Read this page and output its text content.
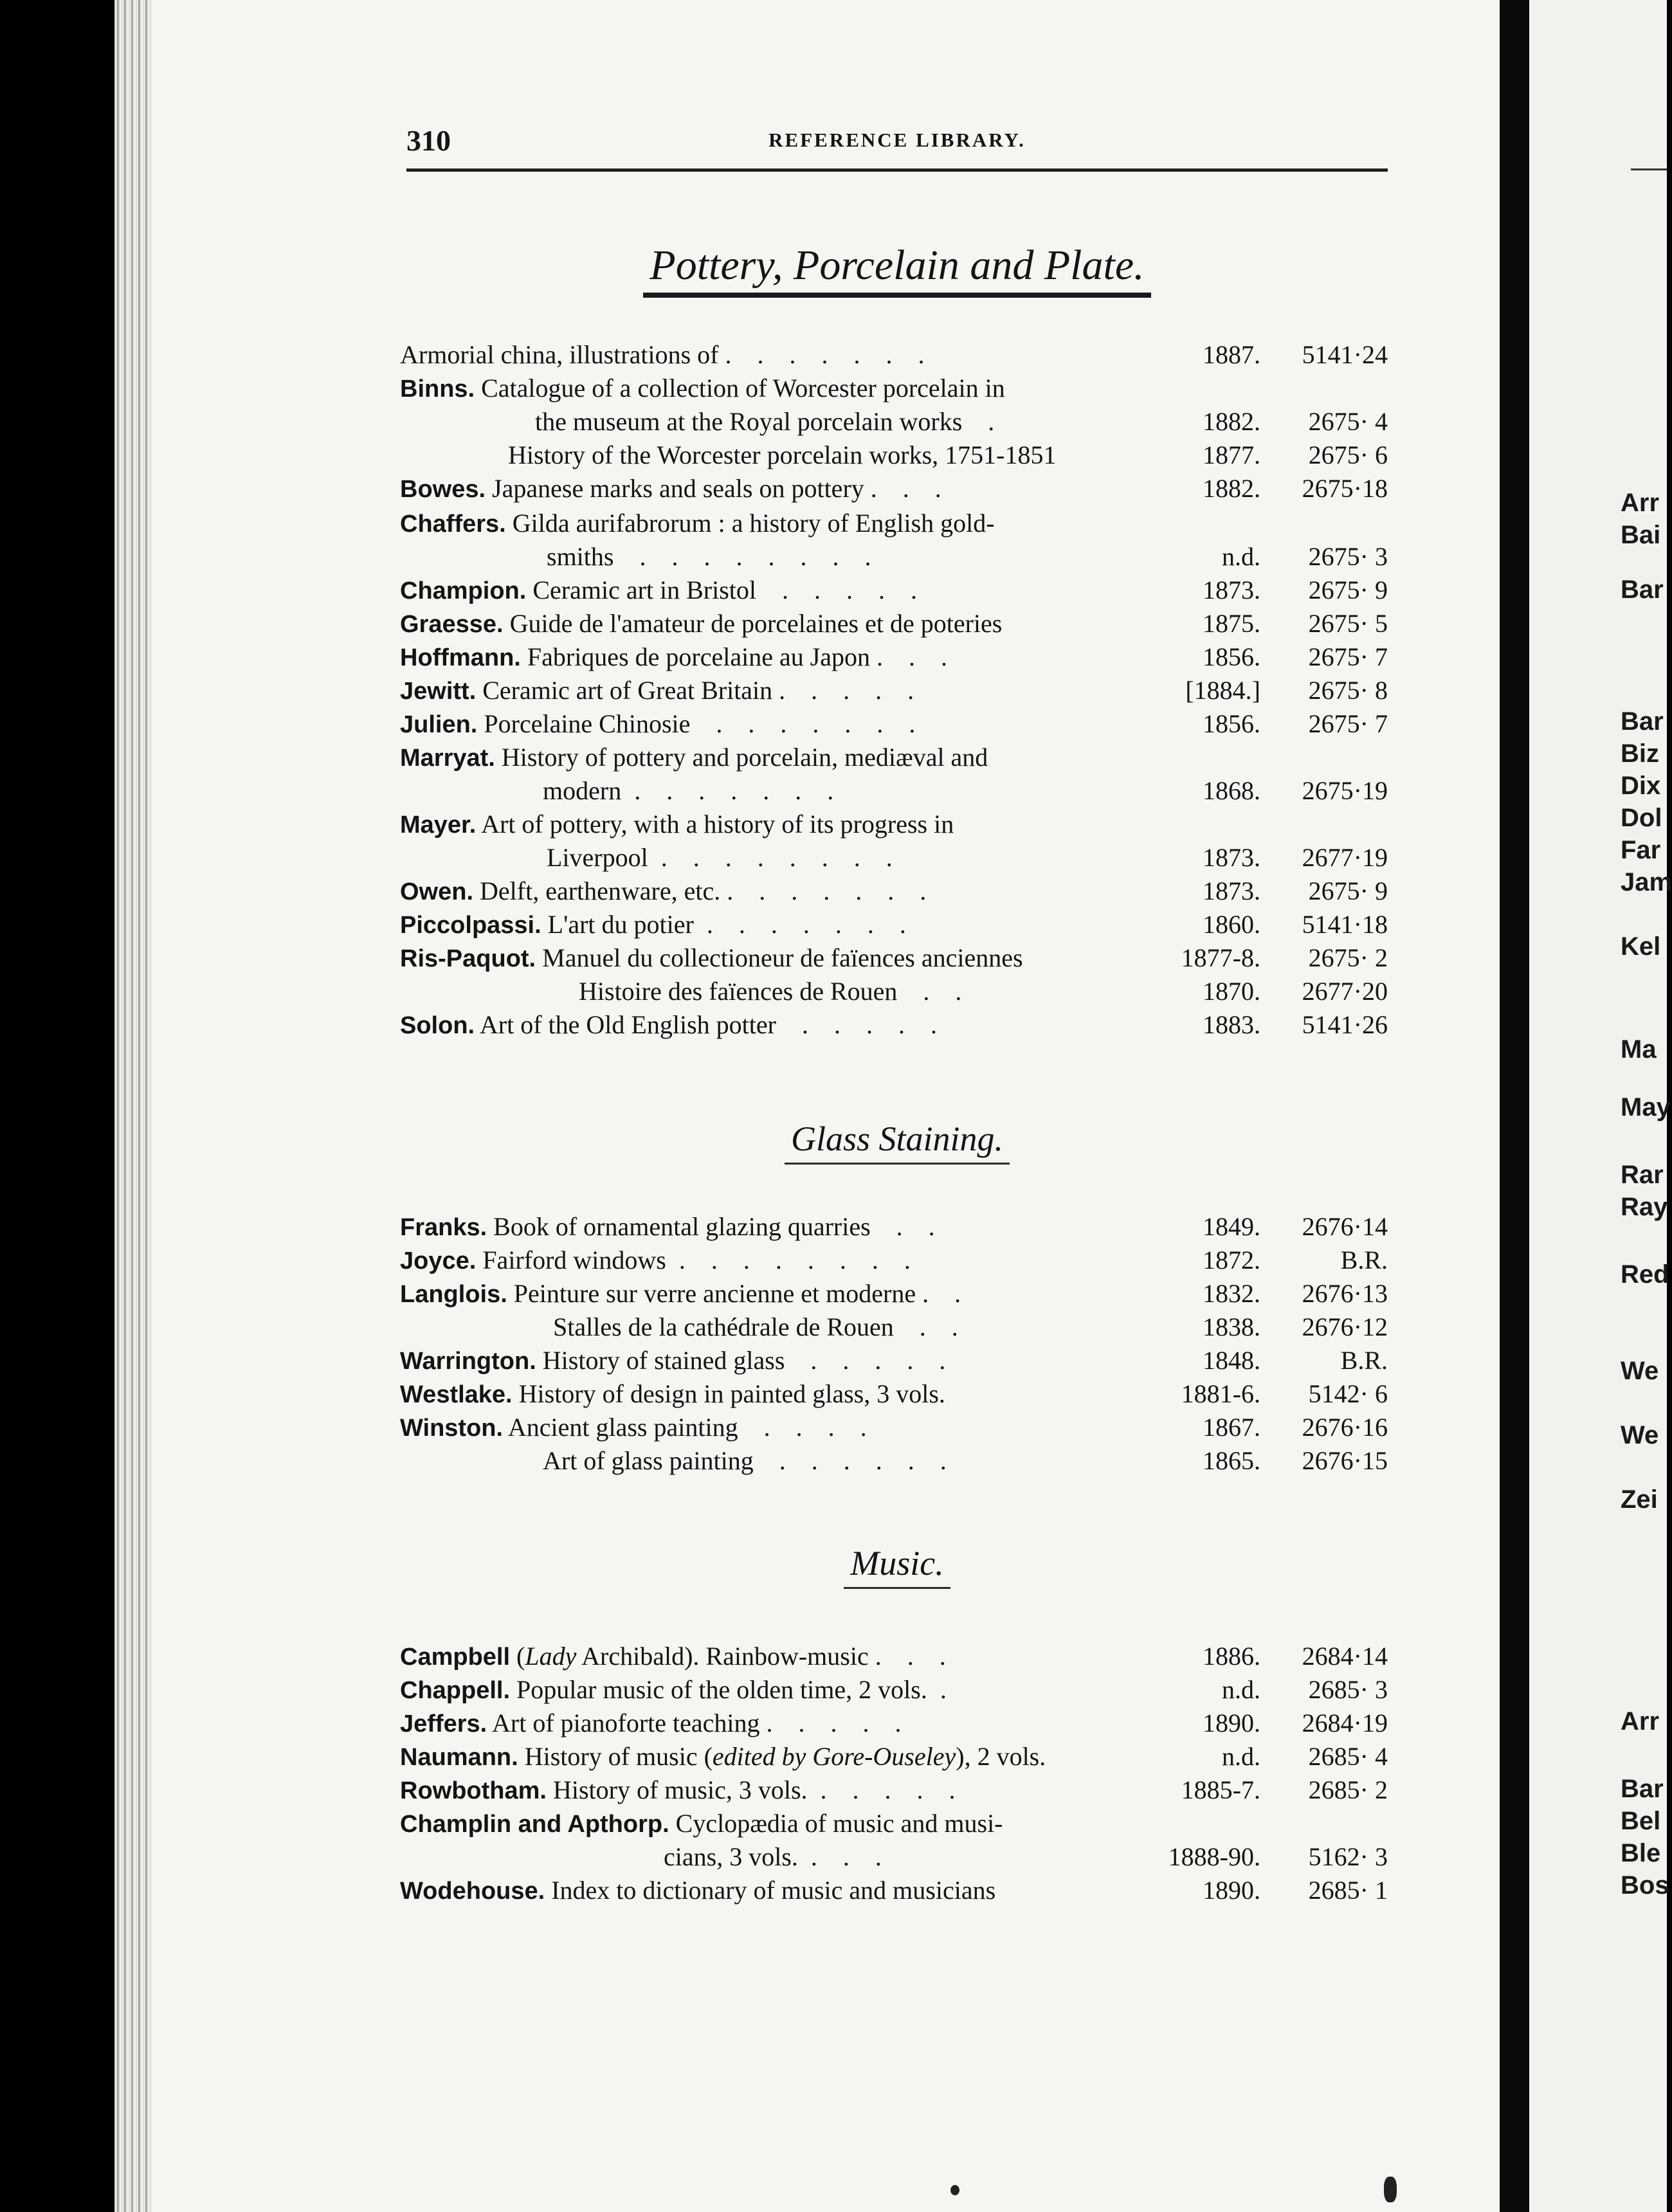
Arr
Bai
Bar
Bar
Biz
Dix
Dol
Far
Jam
Kel
Ma
May
Rar
Ray
Red
We
We
Zei
Arr
Bar
Bel
Ble
Bos
310	REFERENCE LIBRARY.
Pottery, Porcelain and Plate.
Armorial china, illustrations of .    .    .    .    .    .    .	1887. 5141·24
Binns. Catalogue of a collection of Worcester porcelain in
the museum at the Royal porcelain works    .	1882. 2675· 4
History of the Worcester porcelain works, 1751-1851	1877. 2675· 6
Bowes. Japanese marks and seals on pottery .    .    .	1882. 2675·18
Chaffers. Gilda aurifabrorum : a history of English gold-
smiths    .    .    .    .    .    .    .    .	n.d. 2675· 3
Champion. Ceramic art in Bristol    .    .    .    .    .	1873. 2675· 9
Graesse. Guide de l'amateur de porcelaines et de poteries	1875. 2675· 5
Hoffmann. Fabriques de porcelaine au Japon .    .    .	1856. 2675· 7
Jewitt. Ceramic art of Great Britain .    .    .    .    .	[1884.] 2675· 8
Julien. Porcelaine Chinosie    .    .    .    .    .    .    .	1856. 2675· 7
Marryat. History of pottery and porcelain, mediæval and
modern  .    .    .    .    .    .    .	1868. 2675·19
Mayer. Art of pottery, with a history of its progress in
Liverpool  .    .    .    .    .    .    .    .	1873. 2677·19
Owen. Delft, earthenware, etc. .    .    .    .    .    .    .	1873. 2675· 9
Piccolpassi. L'art du potier  .    .    .    .    .    .    .	1860. 5141·18
Ris-Paquot. Manuel du collectioneur de faïences anciennes	1877-8. 2675· 2
Histoire des faïences de Rouen    .    .	1870. 2677·20
Solon. Art of the Old English potter    .    .    .    .    .	1883. 5141·26
Glass Staining.
Franks. Book of ornamental glazing quarries    .    .	1849. 2676·14
Joyce. Fairford windows  .    .    .    .    .    .    .    .	1872.	B.R.
Langlois. Peinture sur verre ancienne et moderne .    .	1832. 2676·13
Stalles de la cathédrale de Rouen    .    .	1838. 2676·12
Warrington. History of stained glass    .    .    .    .    .	1848.	B.R.
Westlake. History of design in painted glass, 3 vols.	1881-6. 5142· 6
Winston. Ancient glass painting    .    .    .    .	1867. 2676·16
Art of glass painting    .    .    .    .    .    .	1865. 2676·15
Music.
Campbell (Lady Archibald). Rainbow-music .    .    .	1886. 2684·14
Chappell. Popular music of the olden time, 2 vols.  .	n.d. 2685· 3
Jeffers. Art of pianoforte teaching .    .    .    .    .	1890. 2684·19
Naumann. History of music (edited by Gore-Ouseley), 2 vols.	n.d. 2685· 4
Rowbotham. History of music, 3 vols.  .    .    .    .    .	1885-7. 2685· 2
Champlin and Apthorp. Cyclopædia of music and musi-
cians, 3 vols.  .    .    .	1888-90. 5162· 3
Wodehouse. Index to dictionary of music and musicians	1890. 2685· 1
